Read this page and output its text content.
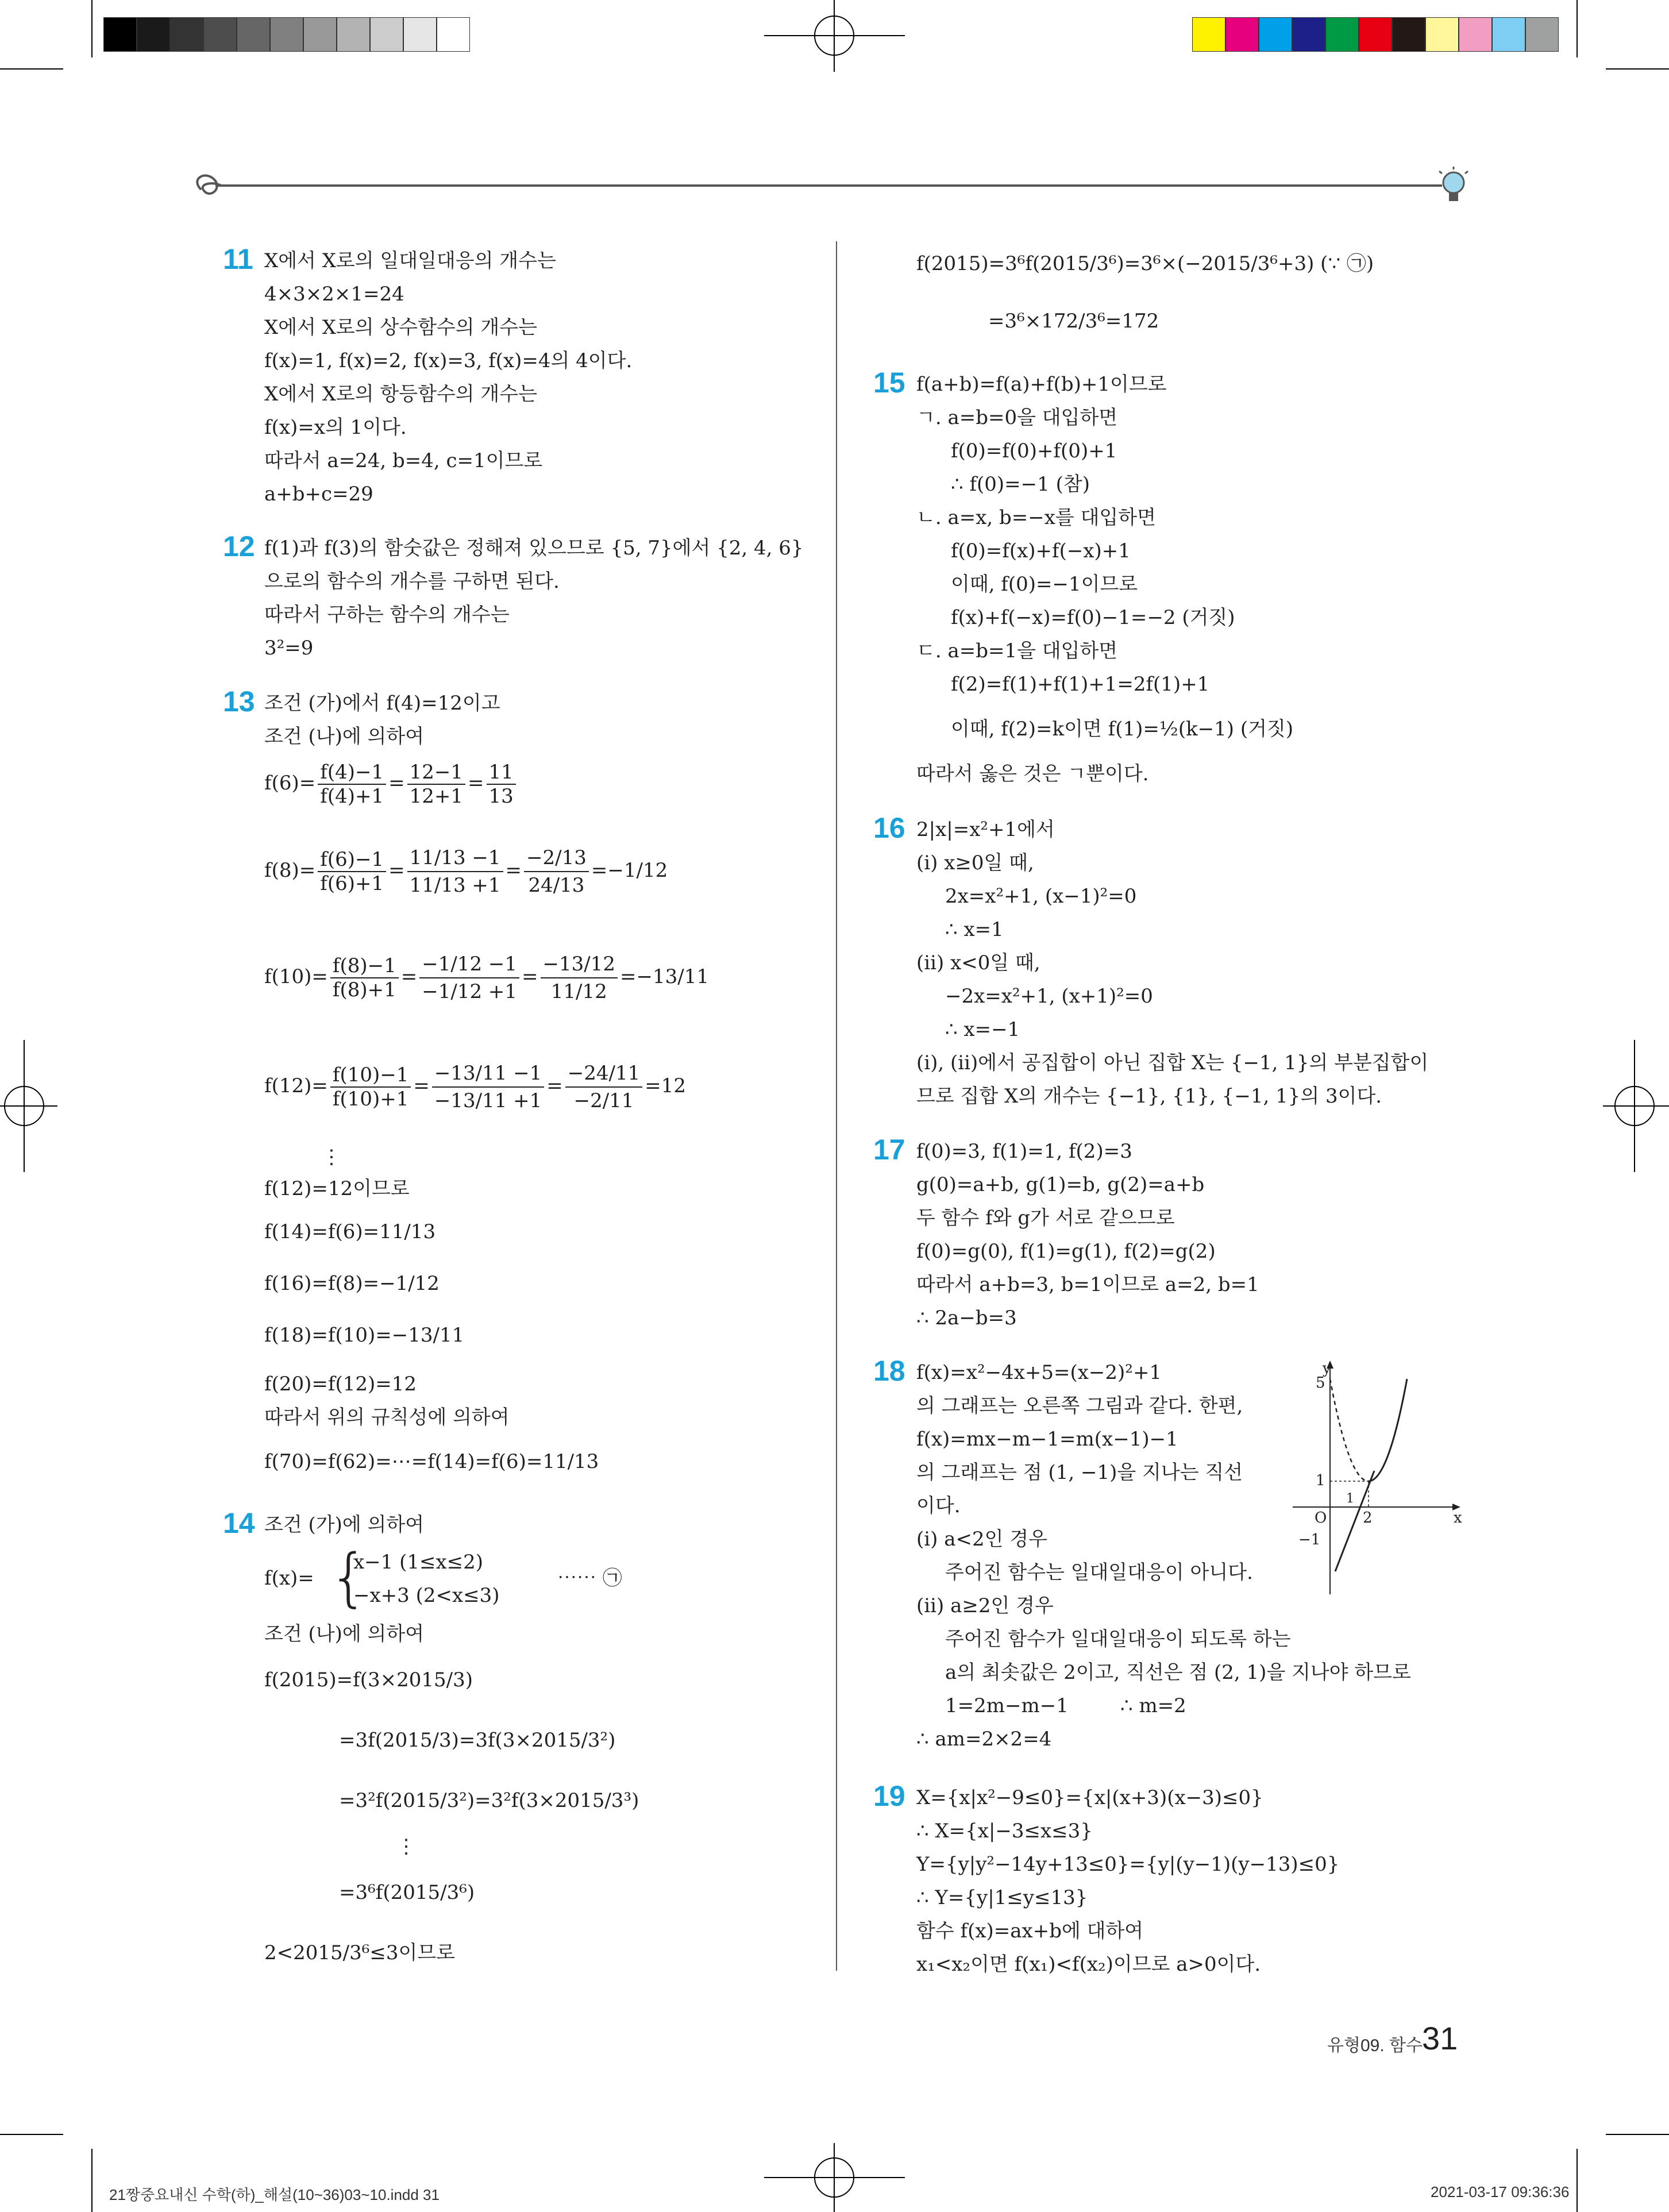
11 X에서 X로의 일대일대응의 개수는
4×3×2×1=24
X에서 X로의 상수함수의 개수는
f(x)=1, f(x)=2, f(x)=3, f(x)=4의 4이다.
X에서 X로의 항등함수의 개수는
f(x)=x의 1이다.
따라서 a=24, b=4, c=1이므로
a+b+c=29
12 f(1)과 f(3)의 함숫값은 정해져 있으므로 {5, 7}에서 {2, 4, 6}
으로의 함수의 개수를 구하면 된다.
따라서 구하는 함수의 개수는
3²=9
13 조건 (가)에서 f(4)=12이고
조건 (나)에 의하여
$f(6)= \frac{f(4)-1}{f(4)+1} = \frac{12-1}{12+1} = \frac{11}{13}$
$f(8)= \frac{f(6)-1}{f(6)+1} = \frac{11/13 -1}{11/13 +1} = \frac{-2/13}{24/13} =-1/12$
$f(10)= \frac{f(8)-1}{f(8)+1} = \frac{-1/12 -1}{-1/12 +1} = \frac{-13/12}{11/12} =-13/11$
$f(12)= \frac{f(10)-1}{f(10)+1} = \frac{-13/11 -1}{-13/11 +1} = \frac{-24/11}{-2/11} =12$
⋮
f(12)=12이므로
f(14)=f(6)=11/13
f(16)=f(8)=−1/12
f(18)=f(10)=−13/11
f(20)=f(12)=12
따라서 위의 규칙성에 의하여
f(70)=f(62)=⋯=f(14)=f(6)=11/13
14 조건 (가)에 의하여
f(x)= {
x−1 (1≤x≤2)
−x+3 (2<x≤3)
⋯⋯ ㉠
조건 (나)에 의하여
f(2015)=f(3×2015/3)
=3f(2015/3)=3f(3×2015/3²)
=3²f(2015/3²)=3²f(3×2015/3³)
⋮
=3⁶f(2015/3⁶)
2<2015/3⁶≤3이므로
f(2015)=3⁶f(2015/3⁶)=3⁶×(−2015/3⁶+3) (∵ ㉠)
=3⁶×172/3⁶=172
15 f(a+b)=f(a)+f(b)+1이므로
ㄱ. a=b=0을 대입하면
f(0)=f(0)+f(0)+1
∴ f(0)=−1 (참)
ㄴ. a=x, b=−x를 대입하면
f(0)=f(x)+f(−x)+1
이때, f(0)=−1이므로
f(x)+f(−x)=f(0)−1=−2 (거짓)
ㄷ. a=b=1을 대입하면
f(2)=f(1)+f(1)+1=2f(1)+1
이때, f(2)=k이면 f(1)=½(k−1) (거짓)
따라서 옳은 것은 ㄱ뿐이다.
16 2|x|=x²+1에서
(i) x≥0일 때,
2x=x²+1, (x−1)²=0
∴ x=1
(ii) x<0일 때,
−2x=x²+1, (x+1)²=0
∴ x=−1
(i), (ii)에서 공집합이 아닌 집합 X는 {−1, 1}의 부분집합이
므로 집합 X의 개수는 {−1}, {1}, {−1, 1}의 3이다.
17 f(0)=3, f(1)=1, f(2)=3
g(0)=a+b, g(1)=b, g(2)=a+b
두 함수 f와 g가 서로 같으므로
f(0)=g(0), f(1)=g(1), f(2)=g(2)
따라서 a+b=3, b=1이므로 a=2, b=1
∴ 2a−b=3
18 f(x)=x²−4x+5=(x−2)²+1
의 그래프는 오른쪽 그림과 같다. 한편,
f(x)=mx−m−1=m(x−1)−1
의 그래프는 점 (1, −1)을 지나는 직선
이다.
(i) a<2인 경우
주어진 함수는 일대일대응이 아니다.
(ii) a≥2인 경우
주어진 함수가 일대일대응이 되도록 하는
a의 최솟값은 2이고, 직선은 점 (2, 1)을 지나야 하므로
1=2m−m−1	∴ m=2
∴ am=2×2=4
y
x
5
1
O 2
1
−1
19 X={x|x²−9≤0}={x|(x+3)(x−3)≤0}
∴ X={x|−3≤x≤3}
Y={y|y²−14y+13≤0}={y|(y−1)(y−13)≤0}
∴ Y={y|1≤y≤13}
함수 f(x)=ax+b에 대하여
x₁<x₂이면 f(x₁)<f(x₂)이므로 a>0이다.
유형09. 함수 31
21짱중요내신 수학(하)_해설(10~36)03~10.indd 31	2021-03-17 09:36:36
